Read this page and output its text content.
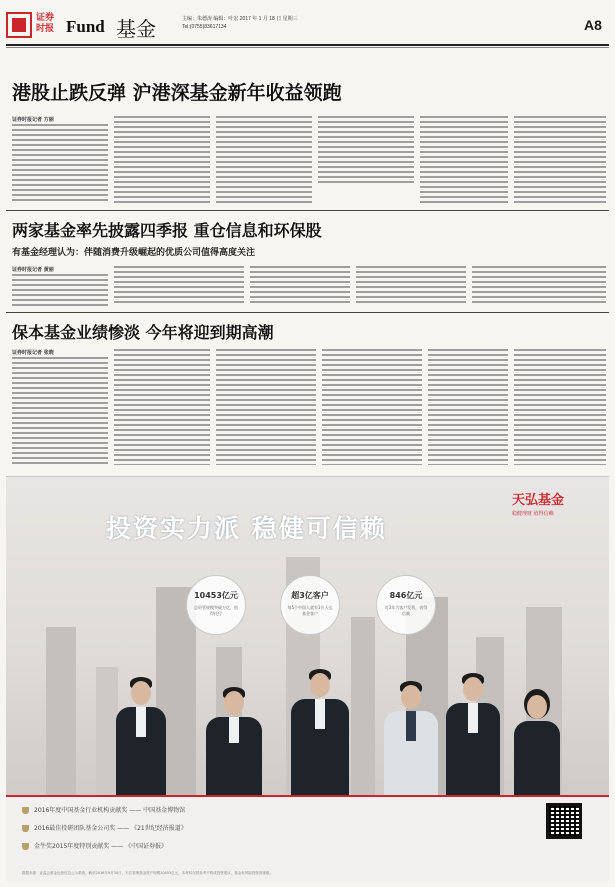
证券时报 Fund 基金	主编：朱德涛 编辑：叶宏 2017 年 1 月 18 日 星期三
Tel:(0755)83617134	A8
港股止跌反弹 沪港深基金新年收益领跑
证券时报记者 方丽
两家基金率先披露四季报 重仓信息和环保股
有基金经理认为：伴随消费升级崛起的优质公司值得高度关注
证券时报记者 黄丽
保本基金业绩惨淡 今年将迎到期高潮
证券时报记者 张晓
天弘基金
稳健理财 值得信赖
投资实力派 稳健可信赖
10453亿元
总资管规模突破万亿，值得托付
超3亿客户
每5个中国人就有1位天弘基金客户
846亿元
近3年为客户发利，表得信赖
2016年度中国基金行业机构贡献奖 —— 中国基金博物馆
2016最佳投研团队基金公司奖 —— 《21世纪经济报道》
金牛奖2015年度特别贡献奖 —— 《中国证券报》
数据来源：证监会基金运营信息公示系统，截至2016年9月30日，天弘管理基金资产规模10453亿元，本材料仅供参考不构成投资建议，基金有风险投资须谨慎。
